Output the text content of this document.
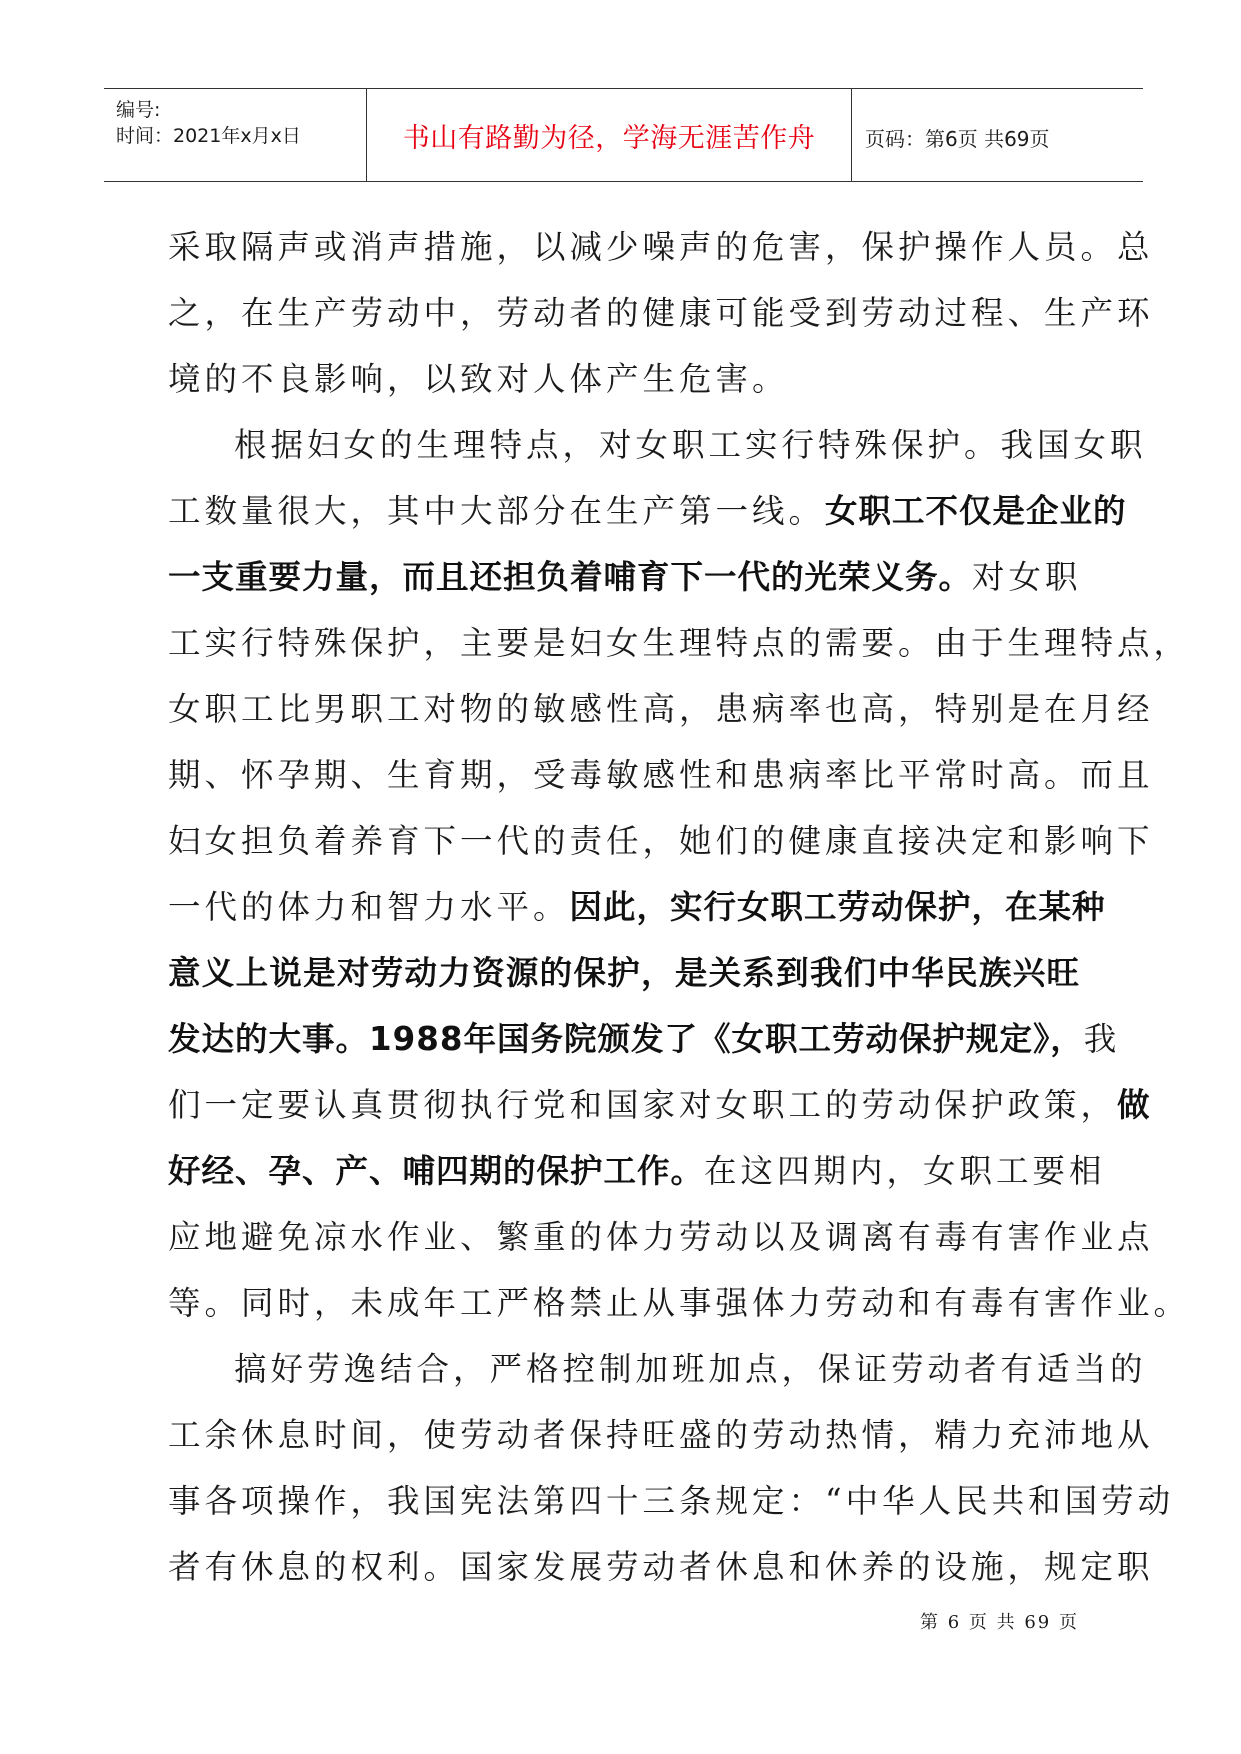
编号:
时间：2021年x月x日	书山有路勤为径，学海无涯苦作舟	页码：第6页 共69页
采取隔声或消声措施，以减少噪声的危害，保护操作人员。总
之，在生产劳动中，劳动者的健康可能受到劳动过程、生产环
境的不良影响，以致对人体产生危害。
根据妇女的生理特点，对女职工实行特殊保护。我国女职
工数量很大，其中大部分在生产第一线。女职工不仅是企业的
一支重要力量，而且还担负着哺育下一代的光荣义务。对女职
工实行特殊保护，主要是妇女生理特点的需要。由于生理特点，
女职工比男职工对物的敏感性高，患病率也高，特别是在月经
期、怀孕期、生育期，受毒敏感性和患病率比平常时高。而且
妇女担负着养育下一代的责任，她们的健康直接决定和影响下
一代的体力和智力水平。因此，实行女职工劳动保护，在某种
意义上说是对劳动力资源的保护，是关系到我们中华民族兴旺
发达的大事。1988年国务院颁发了《女职工劳动保护规定》，我
们一定要认真贯彻执行党和国家对女职工的劳动保护政策，做
好经、孕、产、哺四期的保护工作。在这四期内，女职工要相
应地避免凉水作业、繁重的体力劳动以及调离有毒有害作业点
等。同时，未成年工严格禁止从事强体力劳动和有毒有害作业。
搞好劳逸结合，严格控制加班加点，保证劳动者有适当的
工余休息时间，使劳动者保持旺盛的劳动热情，精力充沛地从
事各项操作，我国宪法第四十三条规定：“中华人民共和国劳动
者有休息的权利。国家发展劳动者休息和休养的设施，规定职
第 6 页 共 69 页
